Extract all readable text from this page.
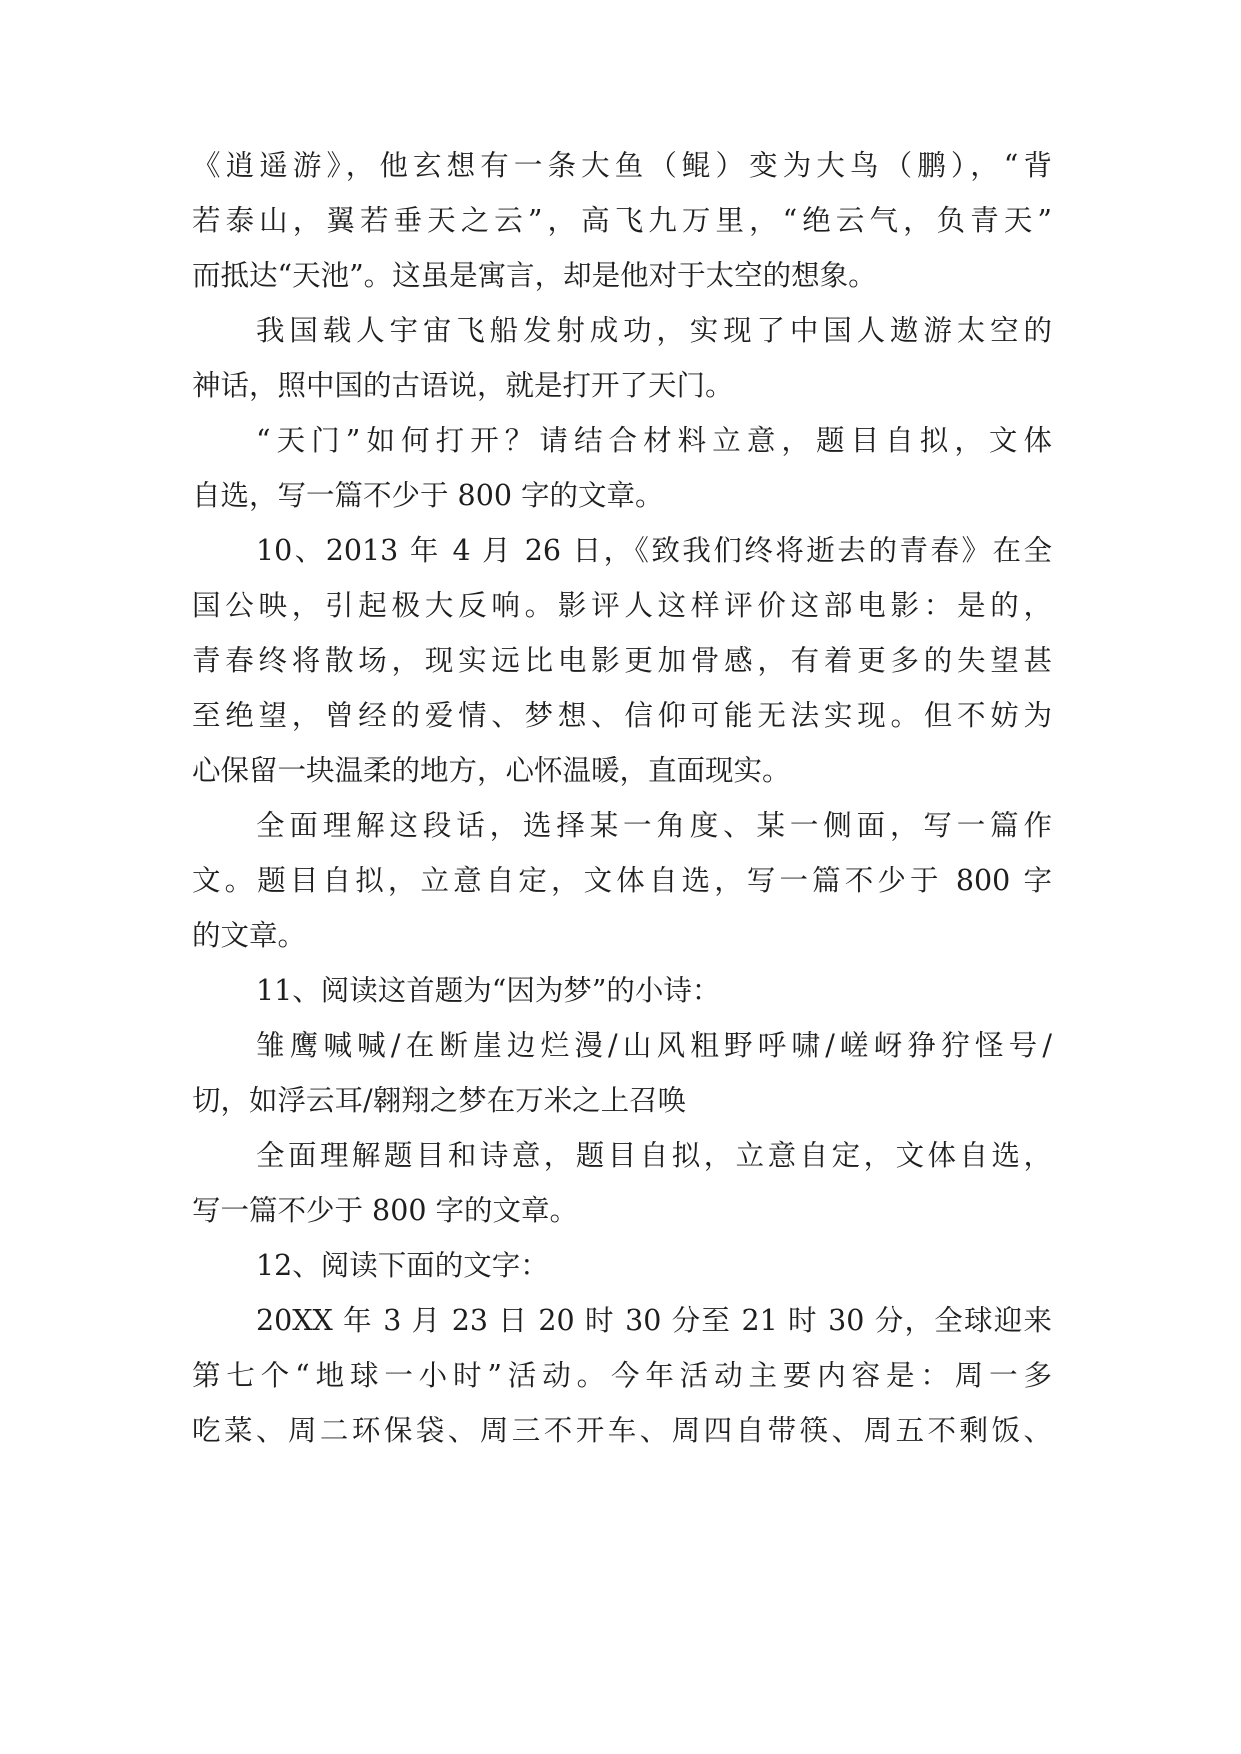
《逍遥游》，他玄想有一条大鱼（鲲）变为大鸟（鹏），“背

若泰山，翼若垂天之云”，高飞九万里，“绝云气，负青天”

而抵达“天池”。这虽是寓言，却是他对于太空的想象。

我国载人宇宙飞船发射成功，实现了中国人遨游太空的

神话，照中国的古语说，就是打开了天门。

“天门”如何打开？请结合材料立意，题目自拟，文体

自选，写一篇不少于 800 字的文章。

10、2013 年 4 月 26 日，《致我们终将逝去的青春》在全

国公映，引起极大反响。影评人这样评价这部电影：是的，

青春终将散场，现实远比电影更加骨感，有着更多的失望甚

至绝望，曾经的爱情、梦想、信仰可能无法实现。但不妨为

心保留一块温柔的地方，心怀温暖，直面现实。

全面理解这段话，选择某一角度、某一侧面，写一篇作

文。题目自拟，立意自定，文体自选，写一篇不少于 800 字

的文章。

11、阅读这首题为“因为梦”的小诗：

雏鹰喊喊/在断崖边烂漫/山风粗野呼啸/嵯岈狰狞怪号/

切，如浮云耳/翱翔之梦在万米之上召唤

全面理解题目和诗意，题目自拟，立意自定，文体自选，

写一篇不少于 800 字的文章。

12、阅读下面的文字：

20XX 年 3 月 23 日 20 时 30 分至 21 时 30 分，全球迎来

第七个“地球一小时”活动。今年活动主要内容是：周一多

吃菜、周二环保袋、周三不开车、周四自带筷、周五不剩饭、
